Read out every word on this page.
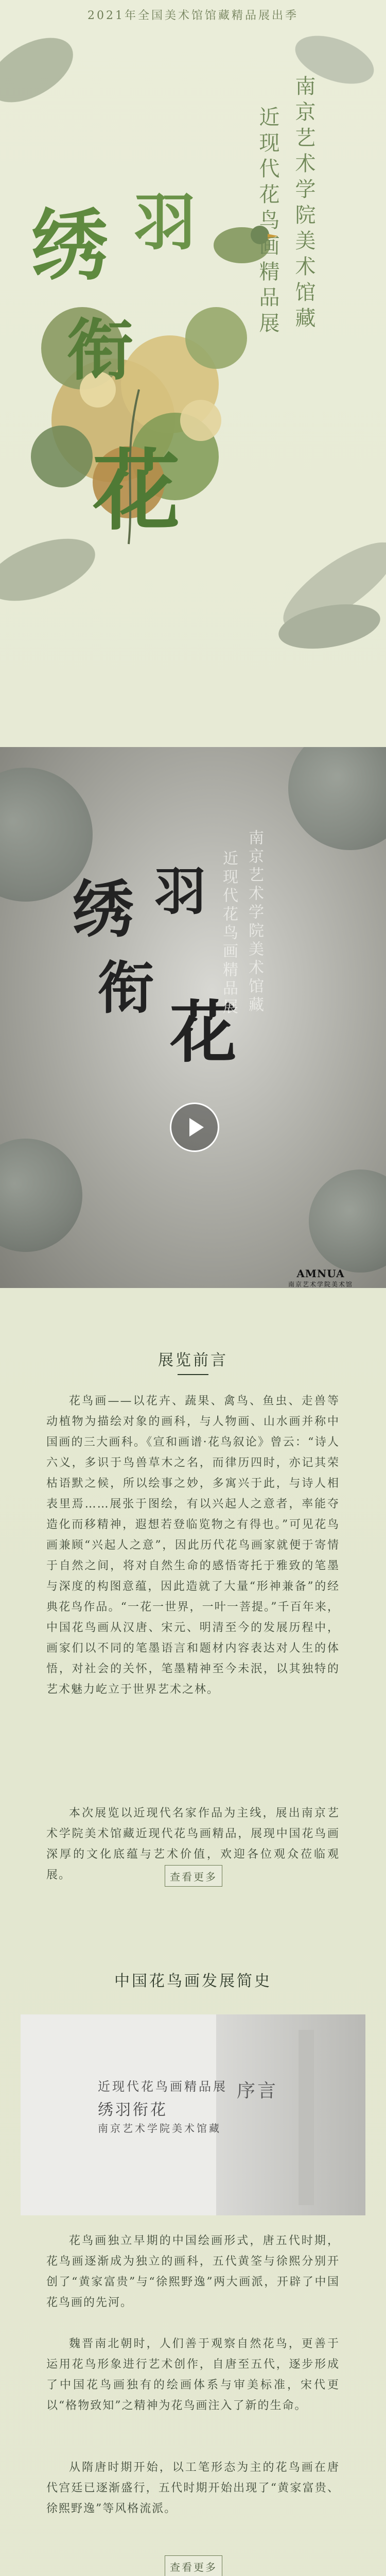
2021年全国美术馆馆藏精品展出季
南京艺术学院美术馆藏
近现代花鸟画精品展
绣 羽
衔
花
绣 羽
衔
花
南京艺术学院美术馆藏
近现代花鸟画精品展
AMNUA
南京艺术学院美术馆
展览前言
花鸟画——以花卉、蔬果、禽鸟、鱼虫、走兽等动植物为描绘对象的画科，与人物画、山水画并称中国画的三大画科。《宣和画谱·花鸟叙论》曾云：“诗人六义，多识于鸟兽草木之名，而律历四时，亦记其荣枯语默之候，所以绘事之妙，多寓兴于此，与诗人相表里焉……展张于图绘，有以兴起人之意者，率能夺造化而移精神，遐想若登临览物之有得也。”可见花鸟画兼顾“兴起人之意”，因此历代花鸟画家就便于寄情于自然之间，将对自然生命的感悟寄托于雅致的笔墨与深度的构图意蕴，因此造就了大量“形神兼备”的经典花鸟作品。“一花一世界，一叶一菩提。”千百年来，中国花鸟画从汉唐、宋元、明清至今的发展历程中，画家们以不同的笔墨语言和题材内容表达对人生的体悟，对社会的关怀，笔墨精神至今未泯，以其独特的艺术魅力屹立于世界艺术之林。
本次展览以近现代名家作品为主线，展出南京艺术学院美术馆藏近现代花鸟画精品，展现中国花鸟画深厚的文化底蕴与艺术价值，欢迎各位观众莅临观展。	查看更多
中国花鸟画发展简史
近现代花鸟画精品展
绣羽衔花
南京艺术学院美术馆藏
序言
花鸟画独立早期的中国绘画形式，唐五代时期，花鸟画逐渐成为独立的画科，五代黄筌与徐熙分别开创了“黄家富贵”与“徐熙野逸”两大画派，开辟了中国花鸟画的先河。
魏晋南北朝时，人们善于观察自然花鸟，更善于运用花鸟形象进行艺术创作，自唐至五代，逐步形成了中国花鸟画独有的绘画体系与审美标准，宋代更以“格物致知”之精神为花鸟画注入了新的生命。
从隋唐时期开始，以工笔形态为主的花鸟画在唐代宫廷已逐渐盛行，五代时期开始出现了“黄家富贵、徐熙野逸”等风格流派。
查看更多
